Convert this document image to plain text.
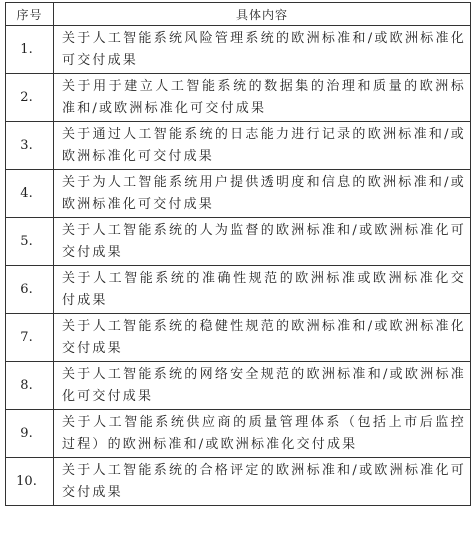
序号	具体内容
1.	关于人工智能系统风险管理系统的欧洲标准和/或欧洲标准化可交付成果
2.	关于用于建立人工智能系统的数据集的治理和质量的欧洲标准和/或欧洲标准化可交付成果
3.	关于通过人工智能系统的日志能力进行记录的欧洲标准和/或欧洲标准化可交付成果
4.	关于为人工智能系统用户提供透明度和信息的欧洲标准和/或欧洲标准化可交付成果
5.	关于人工智能系统的人为监督的欧洲标准和/或欧洲标准化可交付成果
6.	关于人工智能系统的准确性规范的欧洲标准或欧洲标准化交付成果
7.	关于人工智能系统的稳健性规范的欧洲标准和/或欧洲标准化交付成果
8.	关于人工智能系统的网络安全规范的欧洲标准和/或欧洲标准化可交付成果
9.	关于人工智能系统供应商的质量管理体系（包括上市后监控过程）的欧洲标准和/或欧洲标准化交付成果
10.	关于人工智能系统的合格评定的欧洲标准和/或欧洲标准化可交付成果
